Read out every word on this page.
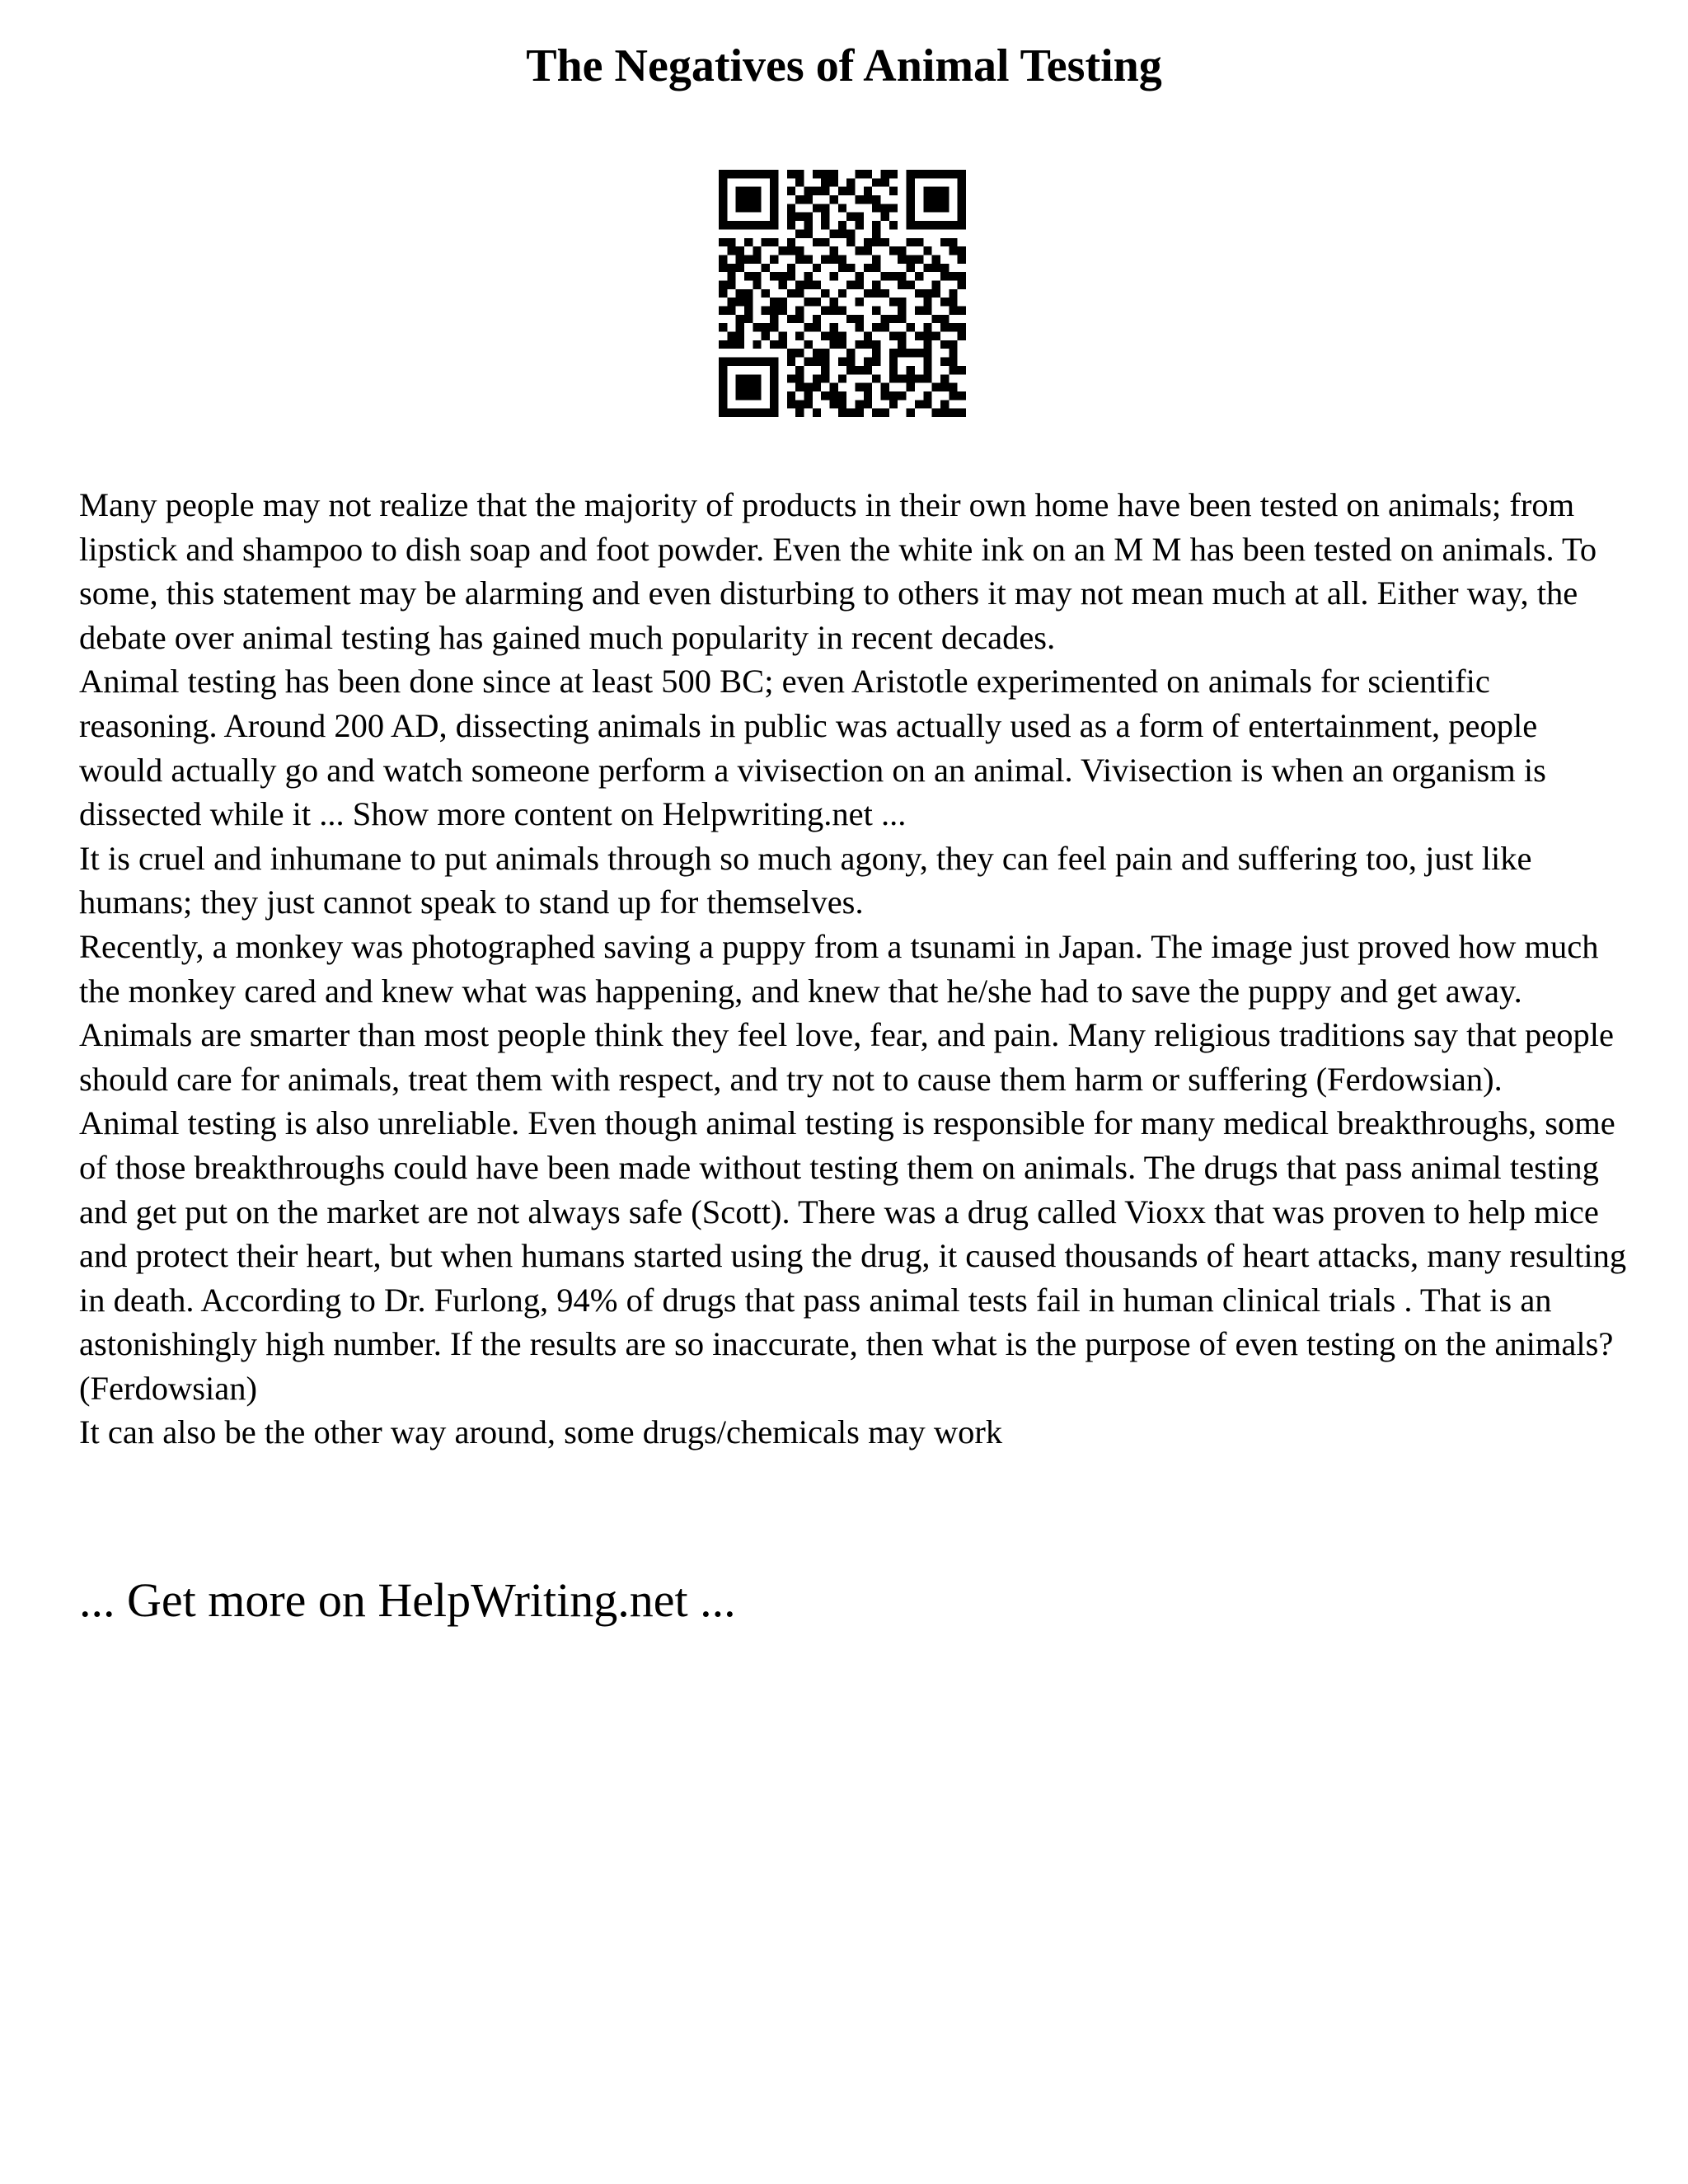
The Negatives of Animal Testing

Many people may not realize that the majority of products in their own home have been tested on animals; from lipstick and shampoo to dish soap and foot powder. Even the white ink on an M M has been tested on animals. To some, this statement may be alarming and even disturbing to others it may not mean much at all. Either way, the debate over animal testing has gained much popularity in recent decades.

Animal testing has been done since at least 500 BC; even Aristotle experimented on animals for scientific reasoning. Around 200 AD, dissecting animals in public was actually used as a form of entertainment, people would actually go and watch someone perform a vivisection on an animal. Vivisection is when an organism is dissected while it ... Show more content on Helpwriting.net ...

It is cruel and inhumane to put animals through so much agony, they can feel pain and suffering too, just like humans; they just cannot speak to stand up for themselves.

Recently, a monkey was photographed saving a puppy from a tsunami in Japan. The image just proved how much the monkey cared and knew what was happening, and knew that he/she had to save the puppy and get away. Animals are smarter than most people think they feel love, fear, and pain. Many religious traditions say that people should care for animals, treat them with respect, and try not to cause them harm or suffering (Ferdowsian).

Animal testing is also unreliable. Even though animal testing is responsible for many medical breakthroughs, some of those breakthroughs could have been made without testing them on animals. The drugs that pass animal testing and get put on the market are not always safe (Scott). There was a drug called Vioxx that was proven to help mice and protect their heart, but when humans started using the drug, it caused thousands of heart attacks, many resulting in death. According to Dr. Furlong, 94% of drugs that pass animal tests fail in human clinical trials . That is an astonishingly high number. If the results are so inaccurate, then what is the purpose of even testing on the animals? (Ferdowsian)

It can also be the other way around, some drugs/chemicals may work

... Get more on HelpWriting.net ...
